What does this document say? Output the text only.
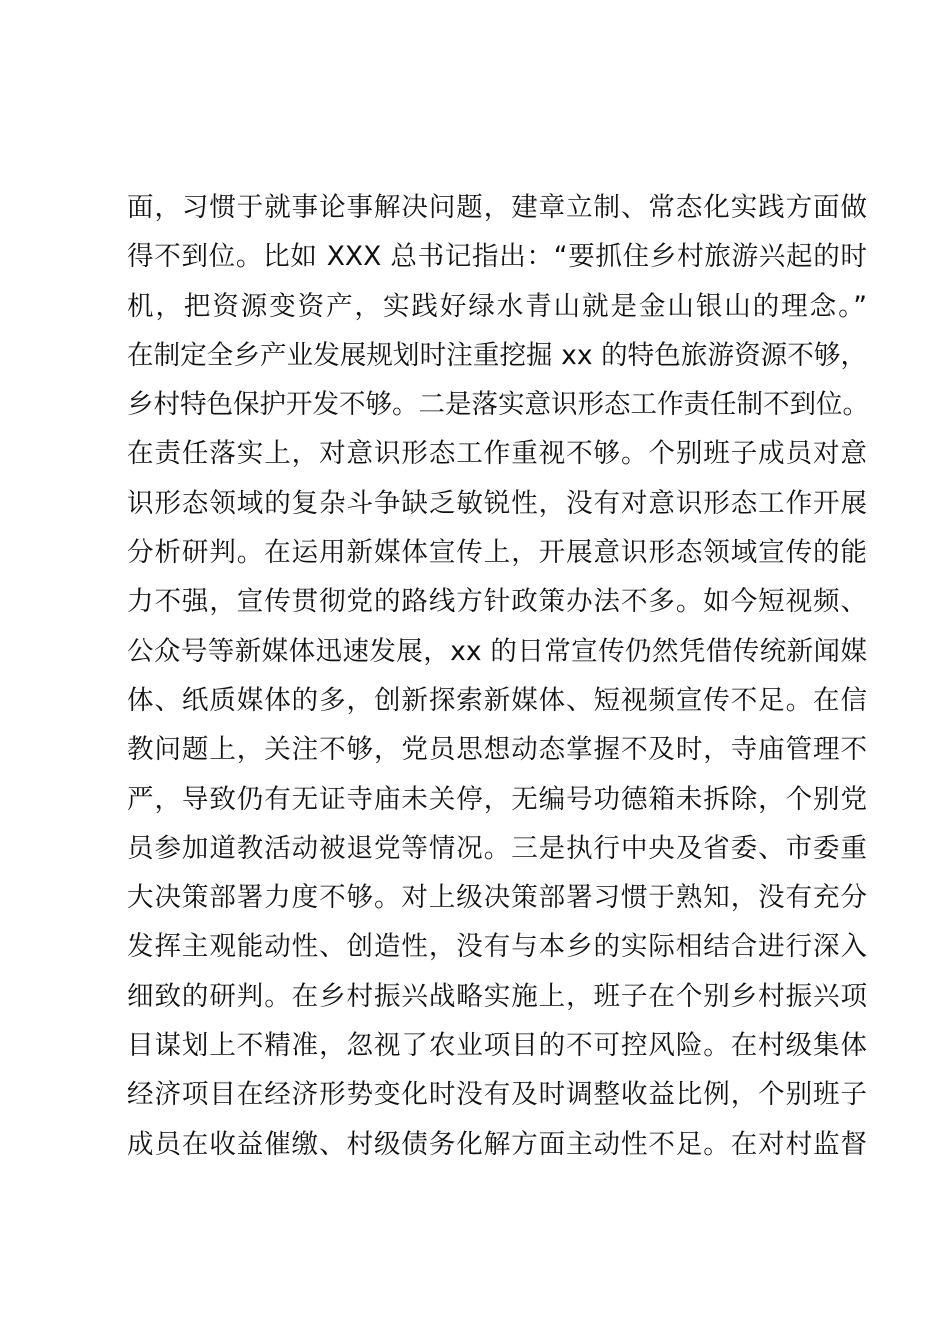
面，习惯于就事论事解决问题，建章立制、常态化实践方面做
得不到位。比如 XXX 总书记指出：“要抓住乡村旅游兴起的时
机，把资源变资产，实践好绿水青山就是金山银山的理念。”
在制定全乡产业发展规划时注重挖掘 xx 的特色旅游资源不够，
乡村特色保护开发不够。二是落实意识形态工作责任制不到位。
在责任落实上，对意识形态工作重视不够。个别班子成员对意
识形态领域的复杂斗争缺乏敏锐性，没有对意识形态工作开展
分析研判。在运用新媒体宣传上，开展意识形态领域宣传的能
力不强，宣传贯彻党的路线方针政策办法不多。如今短视频、
公众号等新媒体迅速发展，xx 的日常宣传仍然凭借传统新闻媒
体、纸质媒体的多，创新探索新媒体、短视频宣传不足。在信
教问题上，关注不够，党员思想动态掌握不及时，寺庙管理不
严，导致仍有无证寺庙未关停，无编号功德箱未拆除，个别党
员参加道教活动被退党等情况。三是执行中央及省委、市委重
大决策部署力度不够。对上级决策部署习惯于熟知，没有充分
发挥主观能动性、创造性，没有与本乡的实际相结合进行深入
细致的研判。在乡村振兴战略实施上，班子在个别乡村振兴项
目谋划上不精准，忽视了农业项目的不可控风险。在村级集体
经济项目在经济形势变化时没有及时调整收益比例，个别班子
成员在收益催缴、村级债务化解方面主动性不足。在对村监督
